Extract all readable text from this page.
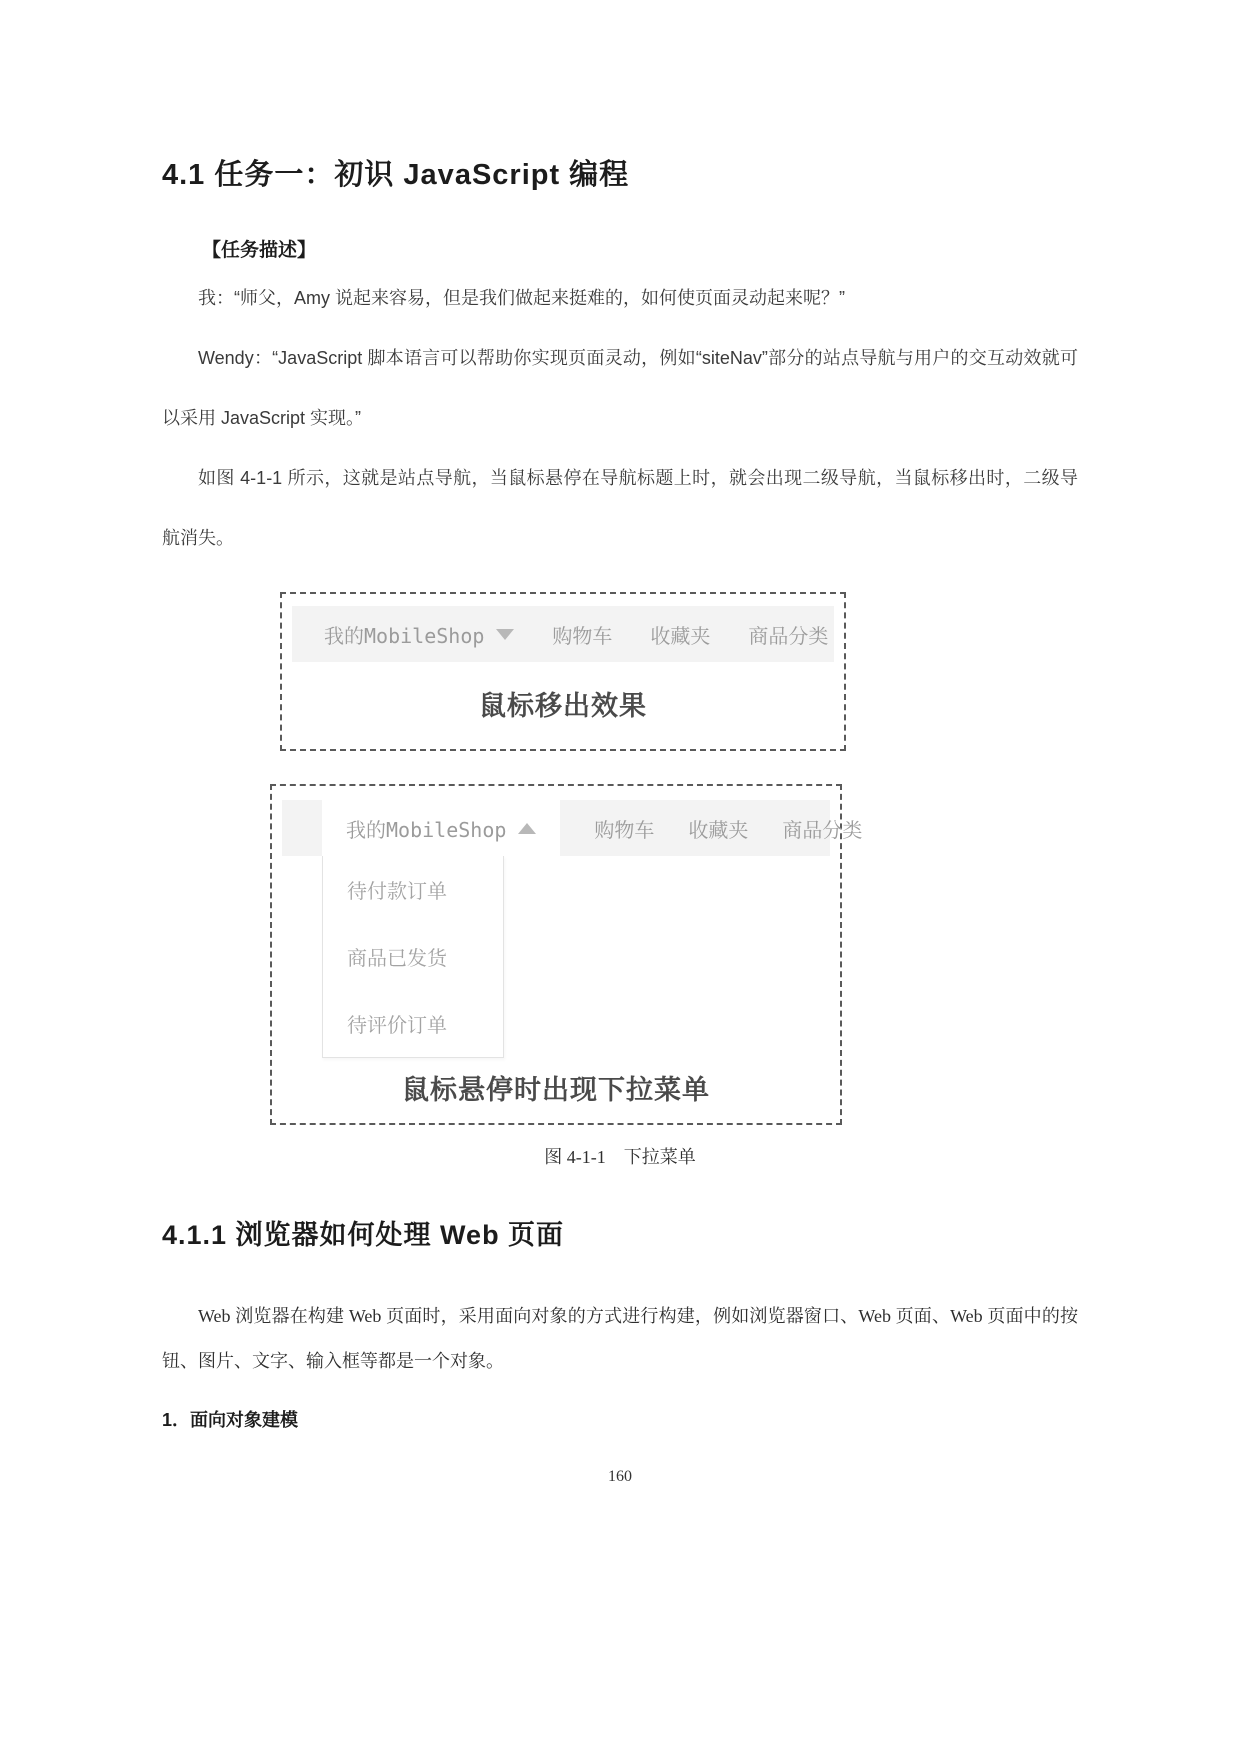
4.1 任务一：初识 JavaScript 编程
【任务描述】

我：“师父，Amy 说起来容易，但是我们做起来挺难的，如何使页面灵动起来呢？”

Wendy：“JavaScript 脚本语言可以帮助你实现页面灵动，例如“siteNav”部分的站点导航与用户的交互动效就可以采用 JavaScript 实现。”

如图 4-1-1 所示，这就是站点导航，当鼠标悬停在导航标题上时，就会出现二级导航，当鼠标移出时，二级导航消失。

我的MobileShop	购物车 收藏夹 商品分类
鼠标移出效果
我的MobileShop	购物车 收藏夹 商品分类
待付款订单
商品已发货
待评价订单
鼠标悬停时出现下拉菜单
图 4-1-1　下拉菜单
4.1.1 浏览器如何处理 Web 页面

Web 浏览器在构建 Web 页面时，采用面向对象的方式进行构建，例如浏览器窗口、Web 页面、Web 页面中的按钮、图片、文字、输入框等都是一个对象。

1．面向对象建模
160
